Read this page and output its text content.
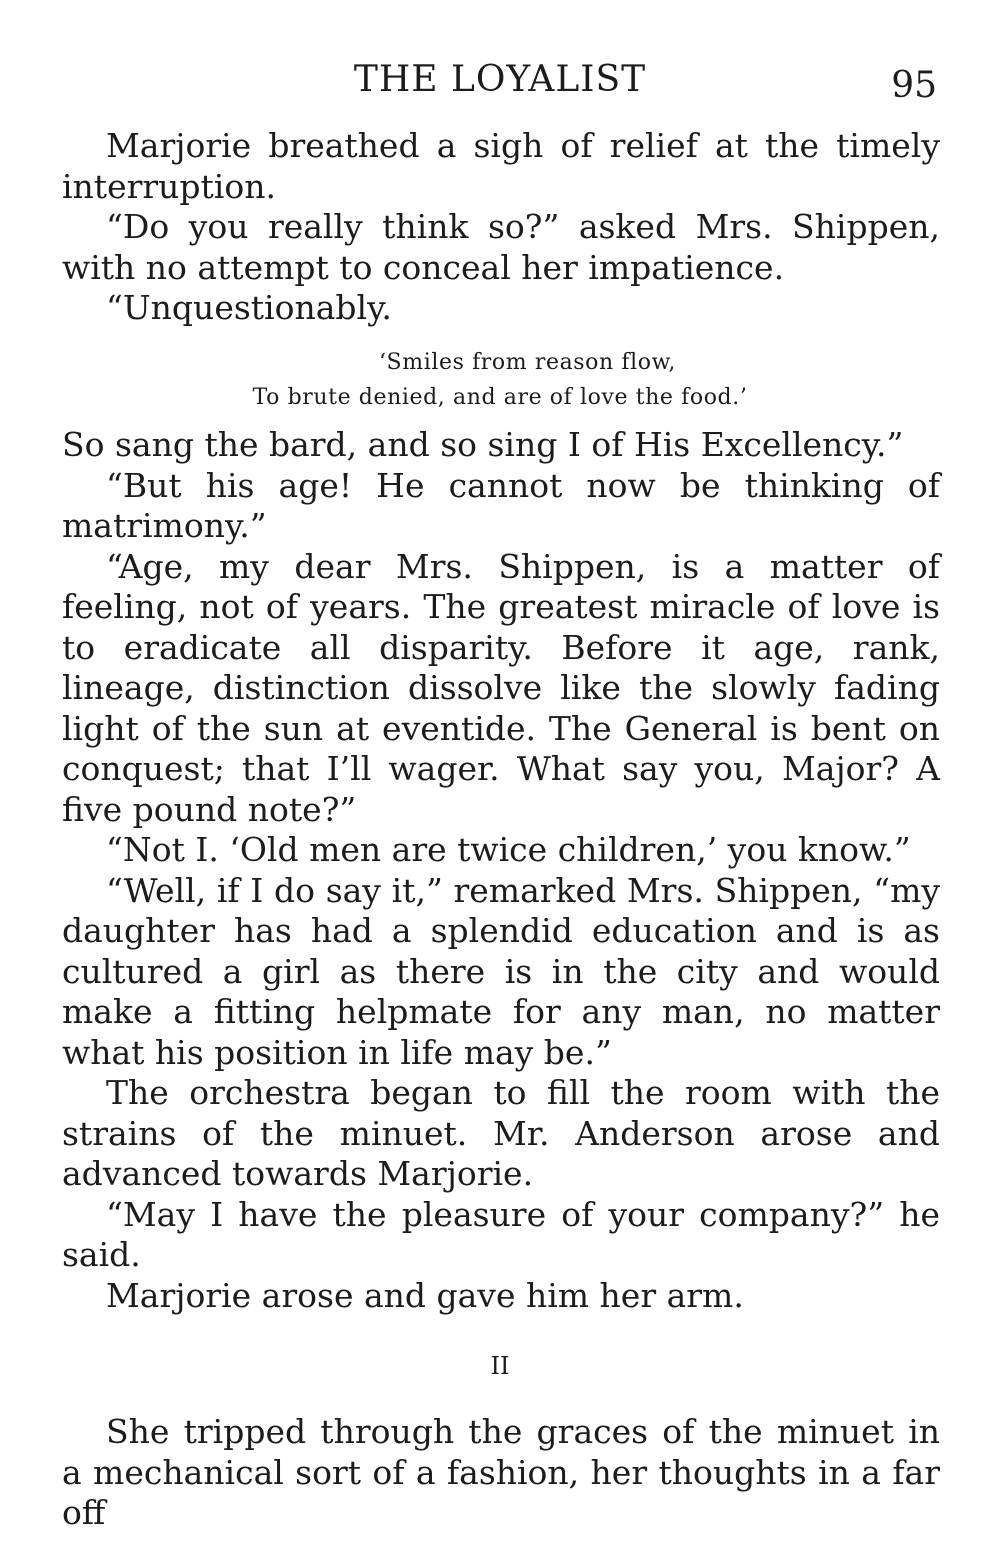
THE LOYALIST	95

Marjorie breathed a sigh of relief at the timely interruption.

“Do you really think so?” asked Mrs. Shippen, with no attempt to conceal her impatience.

“Unquestionably.

‘Smiles from reason flow,
To brute denied, and are of love the food.’

So sang the bard, and so sing I of His Excellency.”

“But his age! He cannot now be thinking of matrimony.”

“Age, my dear Mrs. Shippen, is a matter of feeling, not of years. The greatest miracle of love is to eradicate all disparity. Before it age, rank, lineage, distinction dissolve like the slowly fading light of the sun at eventide. The General is bent on conquest; that I’ll wager. What say you, Major? A five pound note?”

“Not I. ‘Old men are twice children,’ you know.”

“Well, if I do say it,” remarked Mrs. Shippen, “my daughter has had a splendid education and is as cultured a girl as there is in the city and would make a fitting helpmate for any man, no matter what his position in life may be.”

The orchestra began to fill the room with the strains of the minuet. Mr. Anderson arose and advanced towards Marjorie.

“May I have the pleasure of your company?” he said.

Marjorie arose and gave him her arm.

II

She tripped through the graces of the minuet in a mechanical sort of a fashion, her thoughts in a far off
